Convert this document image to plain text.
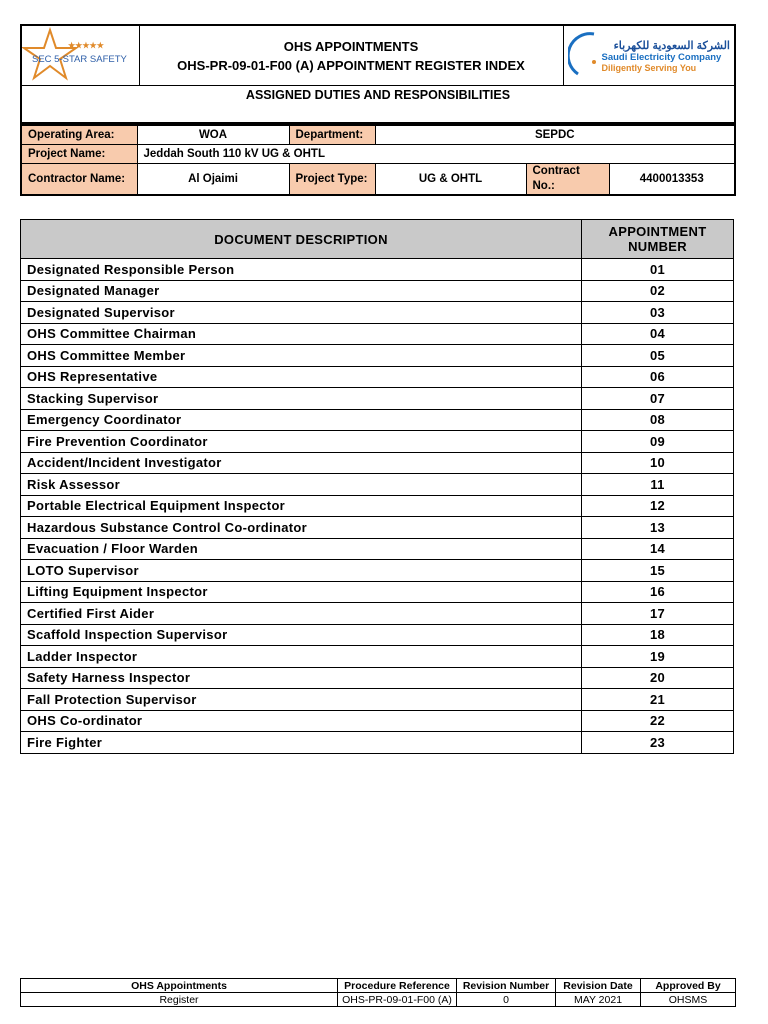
★★★★★
SEC 5-STAR SAFETY

OHS APPOINTMENTS
OHS-PR-09-01-F00 (A) APPOINTMENT REGISTER INDEX

الشركة السعودية للكهرباء
Saudi Electricity Company
Diligently Serving You

ASSIGNED DUTIES AND RESPONSIBILITIES
Operating Area:	WOA	Department:	SEPDC		
Project Name:	Jeddah South 110 kV UG & OHTL				
Contractor Name:	Al Ojaimi	Project Type:	UG & OHTL	Contract No.:	4400013353
DOCUMENT DESCRIPTION	APPOINTMENT NUMBER
Designated Responsible Person	01
Designated Manager	02
Designated Supervisor	03
OHS Committee Chairman	04
OHS Committee Member	05
OHS Representative	06
Stacking Supervisor	07
Emergency Coordinator	08
Fire Prevention Coordinator	09
Accident/Incident Investigator	10
Risk Assessor	11
Portable Electrical Equipment Inspector	12
Hazardous Substance Control Co-ordinator	13
Evacuation / Floor Warden	14
LOTO Supervisor	15
Lifting Equipment Inspector	16
Certified First Aider	17
Scaffold Inspection Supervisor	18
Ladder Inspector	19
Safety Harness Inspector	20
Fall Protection Supervisor	21
OHS Co-ordinator	22
Fire Fighter	23
OHS Appointments	Procedure Reference	Revision Number	Revision Date	Approved By
Register	OHS-PR-09-01-F00 (A)	0	MAY 2021	OHSMS
